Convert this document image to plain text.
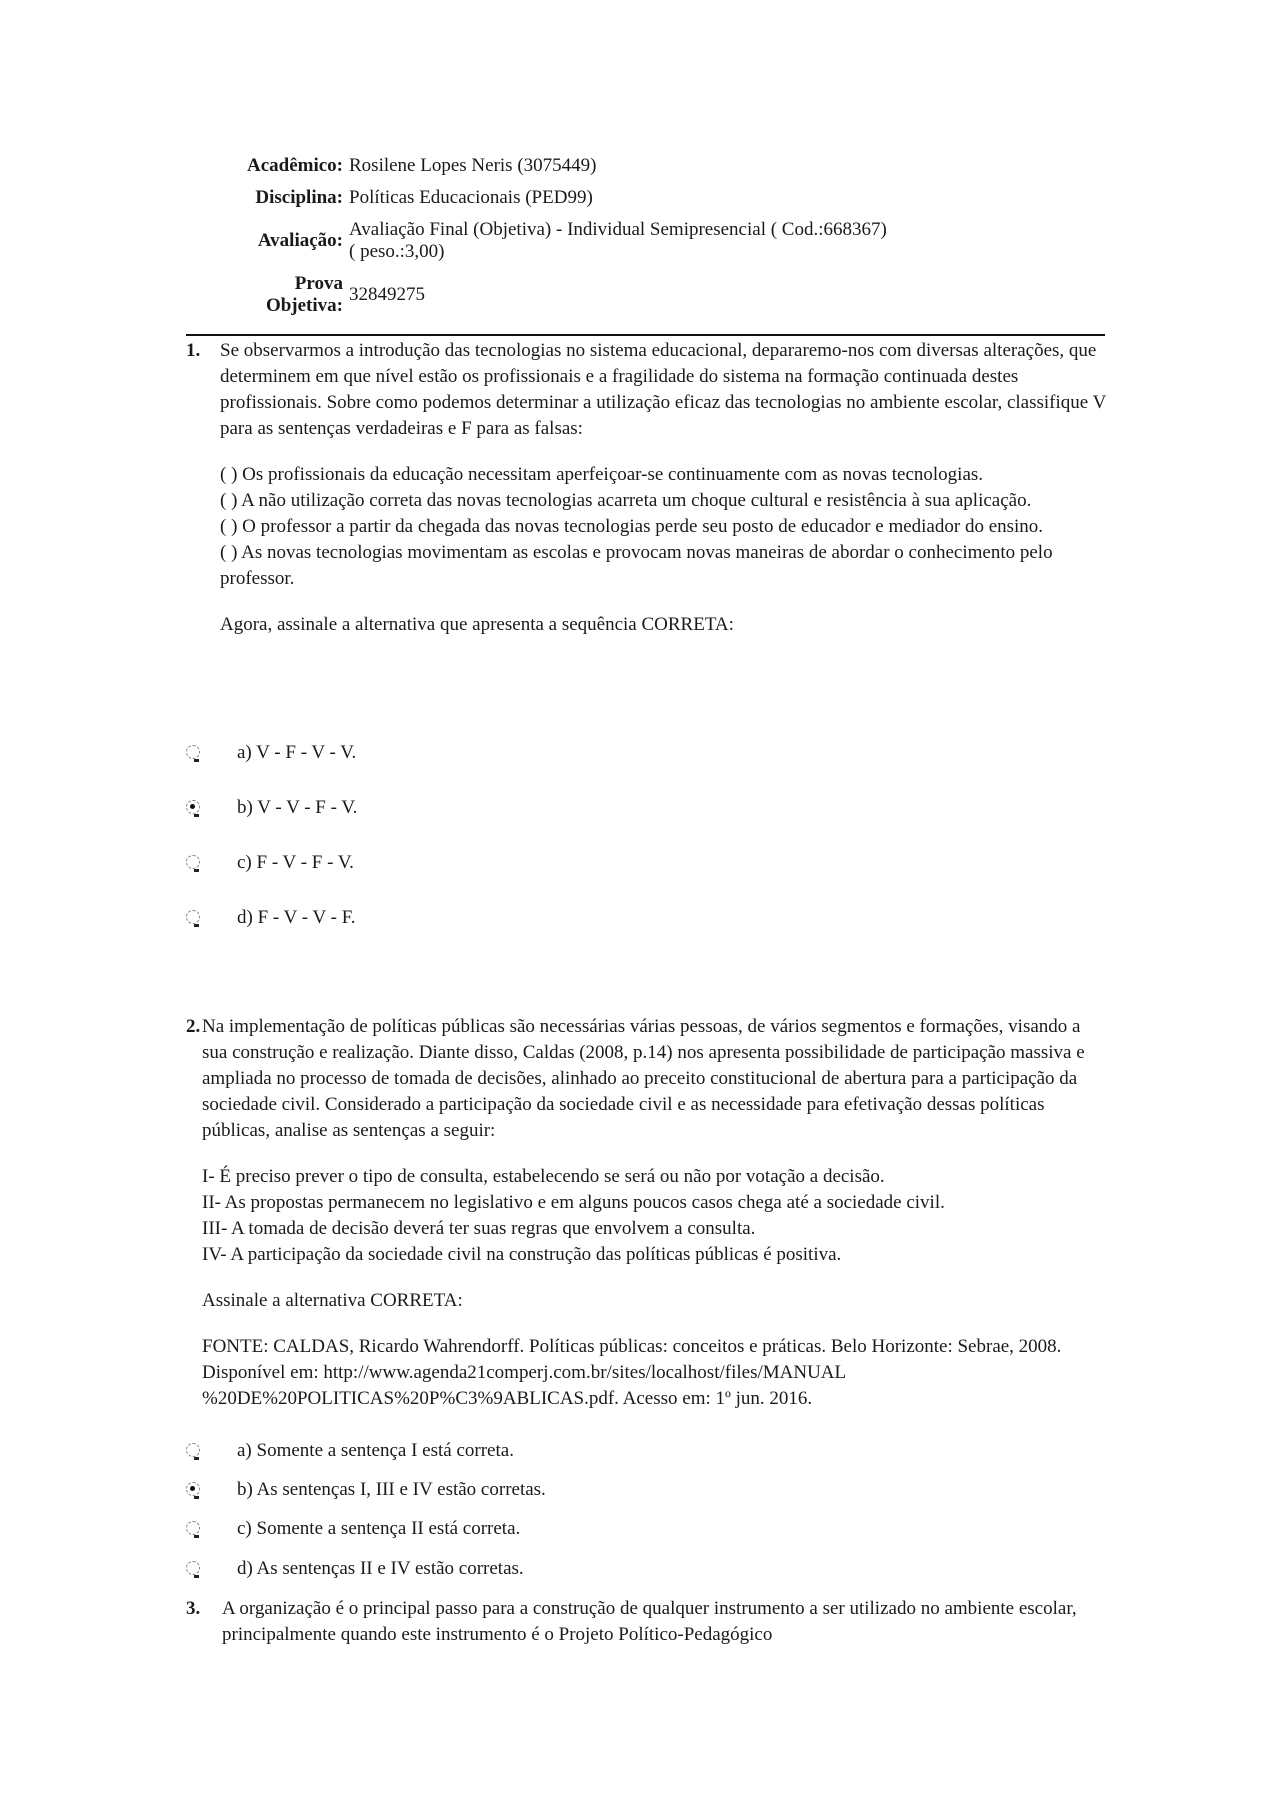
Acadêmico:	Rosilene Lopes Neris (3075449)
Disciplina:	Políticas Educacionais (PED99)
Avaliação:	Avaliação Final (Objetiva) - Individual Semipresencial ( Cod.:668367)
( peso.:3,00)

Prova
Objetiva:	32849275
1. Se observarmos a introdução das tecnologias no sistema educacional, depararemo-nos com diversas alterações, que determinem em que nível estão os profissionais e a fragilidade do sistema na formação continuada destes profissionais. Sobre como podemos determinar a utilização eficaz das tecnologias no ambiente escolar, classifique V para as sentenças verdadeiras e F para as falsas:
( ) Os profissionais da educação necessitam aperfeiçoar-se continuamente com as novas tecnologias.
( ) A não utilização correta das novas tecnologias acarreta um choque cultural e resistência à sua aplicação.
( ) O professor a partir da chegada das novas tecnologias perde seu posto de educador e mediador do ensino.
( ) As novas tecnologias movimentam as escolas e provocam novas maneiras de abordar o conhecimento pelo professor.
Agora, assinale a alternativa que apresenta a sequência CORRETA:
a) V - F - V - V.
b) V - V - F - V.
c) F - V - F - V.
d) F - V - V - F.
2. Na implementação de políticas públicas são necessárias várias pessoas, de vários segmentos e formações, visando a sua construção e realização. Diante disso, Caldas (2008, p.14) nos apresenta possibilidade de participação massiva e ampliada no processo de tomada de decisões, alinhado ao preceito constitucional de abertura para a participação da sociedade civil. Considerado a participação da sociedade civil e as necessidade para efetivação dessas políticas públicas, analise as sentenças a seguir:
I- É preciso prever o tipo de consulta, estabelecendo se será ou não por votação a decisão.
II- As propostas permanecem no legislativo e em alguns poucos casos chega até a sociedade civil.
III- A tomada de decisão deverá ter suas regras que envolvem a consulta.
IV- A participação da sociedade civil na construção das políticas públicas é positiva.
Assinale a alternativa CORRETA:
FONTE: CALDAS, Ricardo Wahrendorff. Políticas públicas: conceitos e práticas. Belo Horizonte: Sebrae, 2008. Disponível em: http://www.agenda21comperj.com.br/sites/localhost/files/MANUAL %20DE%20POLITICAS%20P%C3%9ABLICAS.pdf. Acesso em: 1º jun. 2016.
a) Somente a sentença I está correta.
b) As sentenças I, III e IV estão corretas.
c) Somente a sentença II está correta.
d) As sentenças II e IV estão corretas.
3. A organização é o principal passo para a construção de qualquer instrumento a ser utilizado no ambiente escolar, principalmente quando este instrumento é o Projeto Político-Pedagógico
